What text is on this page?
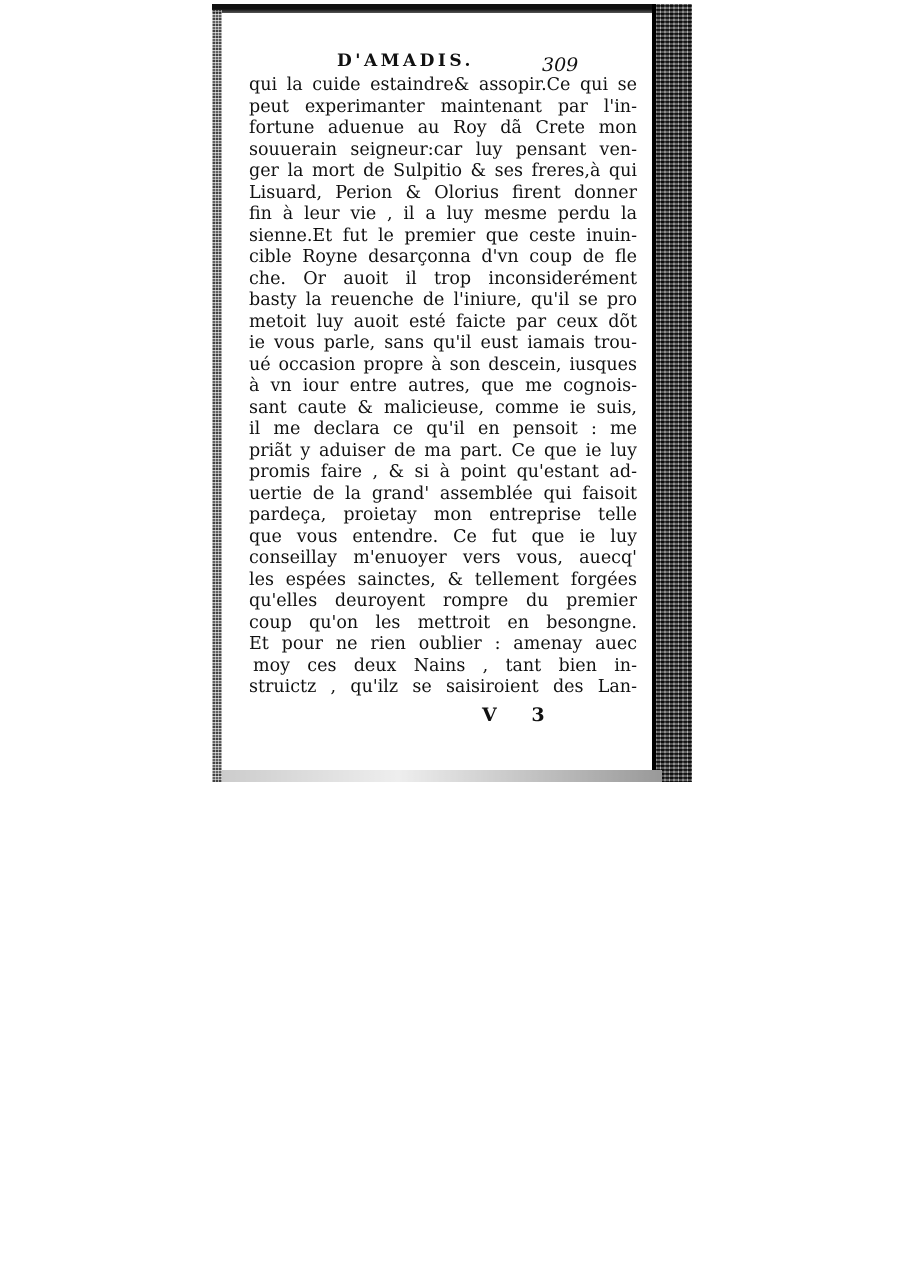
D'AMADIS.	309
qui la cuide estaindre& assopir.Ce qui se
peut experimanter maintenant par l'in-
fortune aduenue au Roy dã Crete mon
souuerain seigneur:car luy pensant ven-
ger la mort de Sulpitio & ses freres,à qui
Lisuard, Perion & Olorius firent donner
fin à leur vie , il a luy mesme perdu la
sienne.Et fut le premier que ceste inuin-
cible Royne desarçonna d'vn coup de fle
che. Or auoit il trop inconsiderément
basty la reuenche de l'iniure, qu'il se pro
metoit luy auoit esté faicte par ceux dõt
ie vous parle, sans qu'il eust iamais trou-
ué occasion propre à son descein, iusques
à vn iour entre autres, que me cognois-
sant caute & malicieuse, comme ie suis,
il me declara ce qu'il en pensoit : me
priãt y aduiser de ma part. Ce que ie luy
promis faire , & si à point qu'estant ad-
uertie de la grand' assemblée qui faisoit
pardeça, proietay mon entreprise telle
que vous entendre. Ce fut que ie luy
conseillay m'enuoyer vers vous, auecq'
les espées sainctes, & tellement forgées
qu'elles deuroyent rompre du premier
coup qu'on les mettroit en besongne.
Et pour ne rien oublier : amenay auec
moy ces deux Nains , tant bien in-
struictz , qu'ilz se saisiroient des Lan-
V 3
